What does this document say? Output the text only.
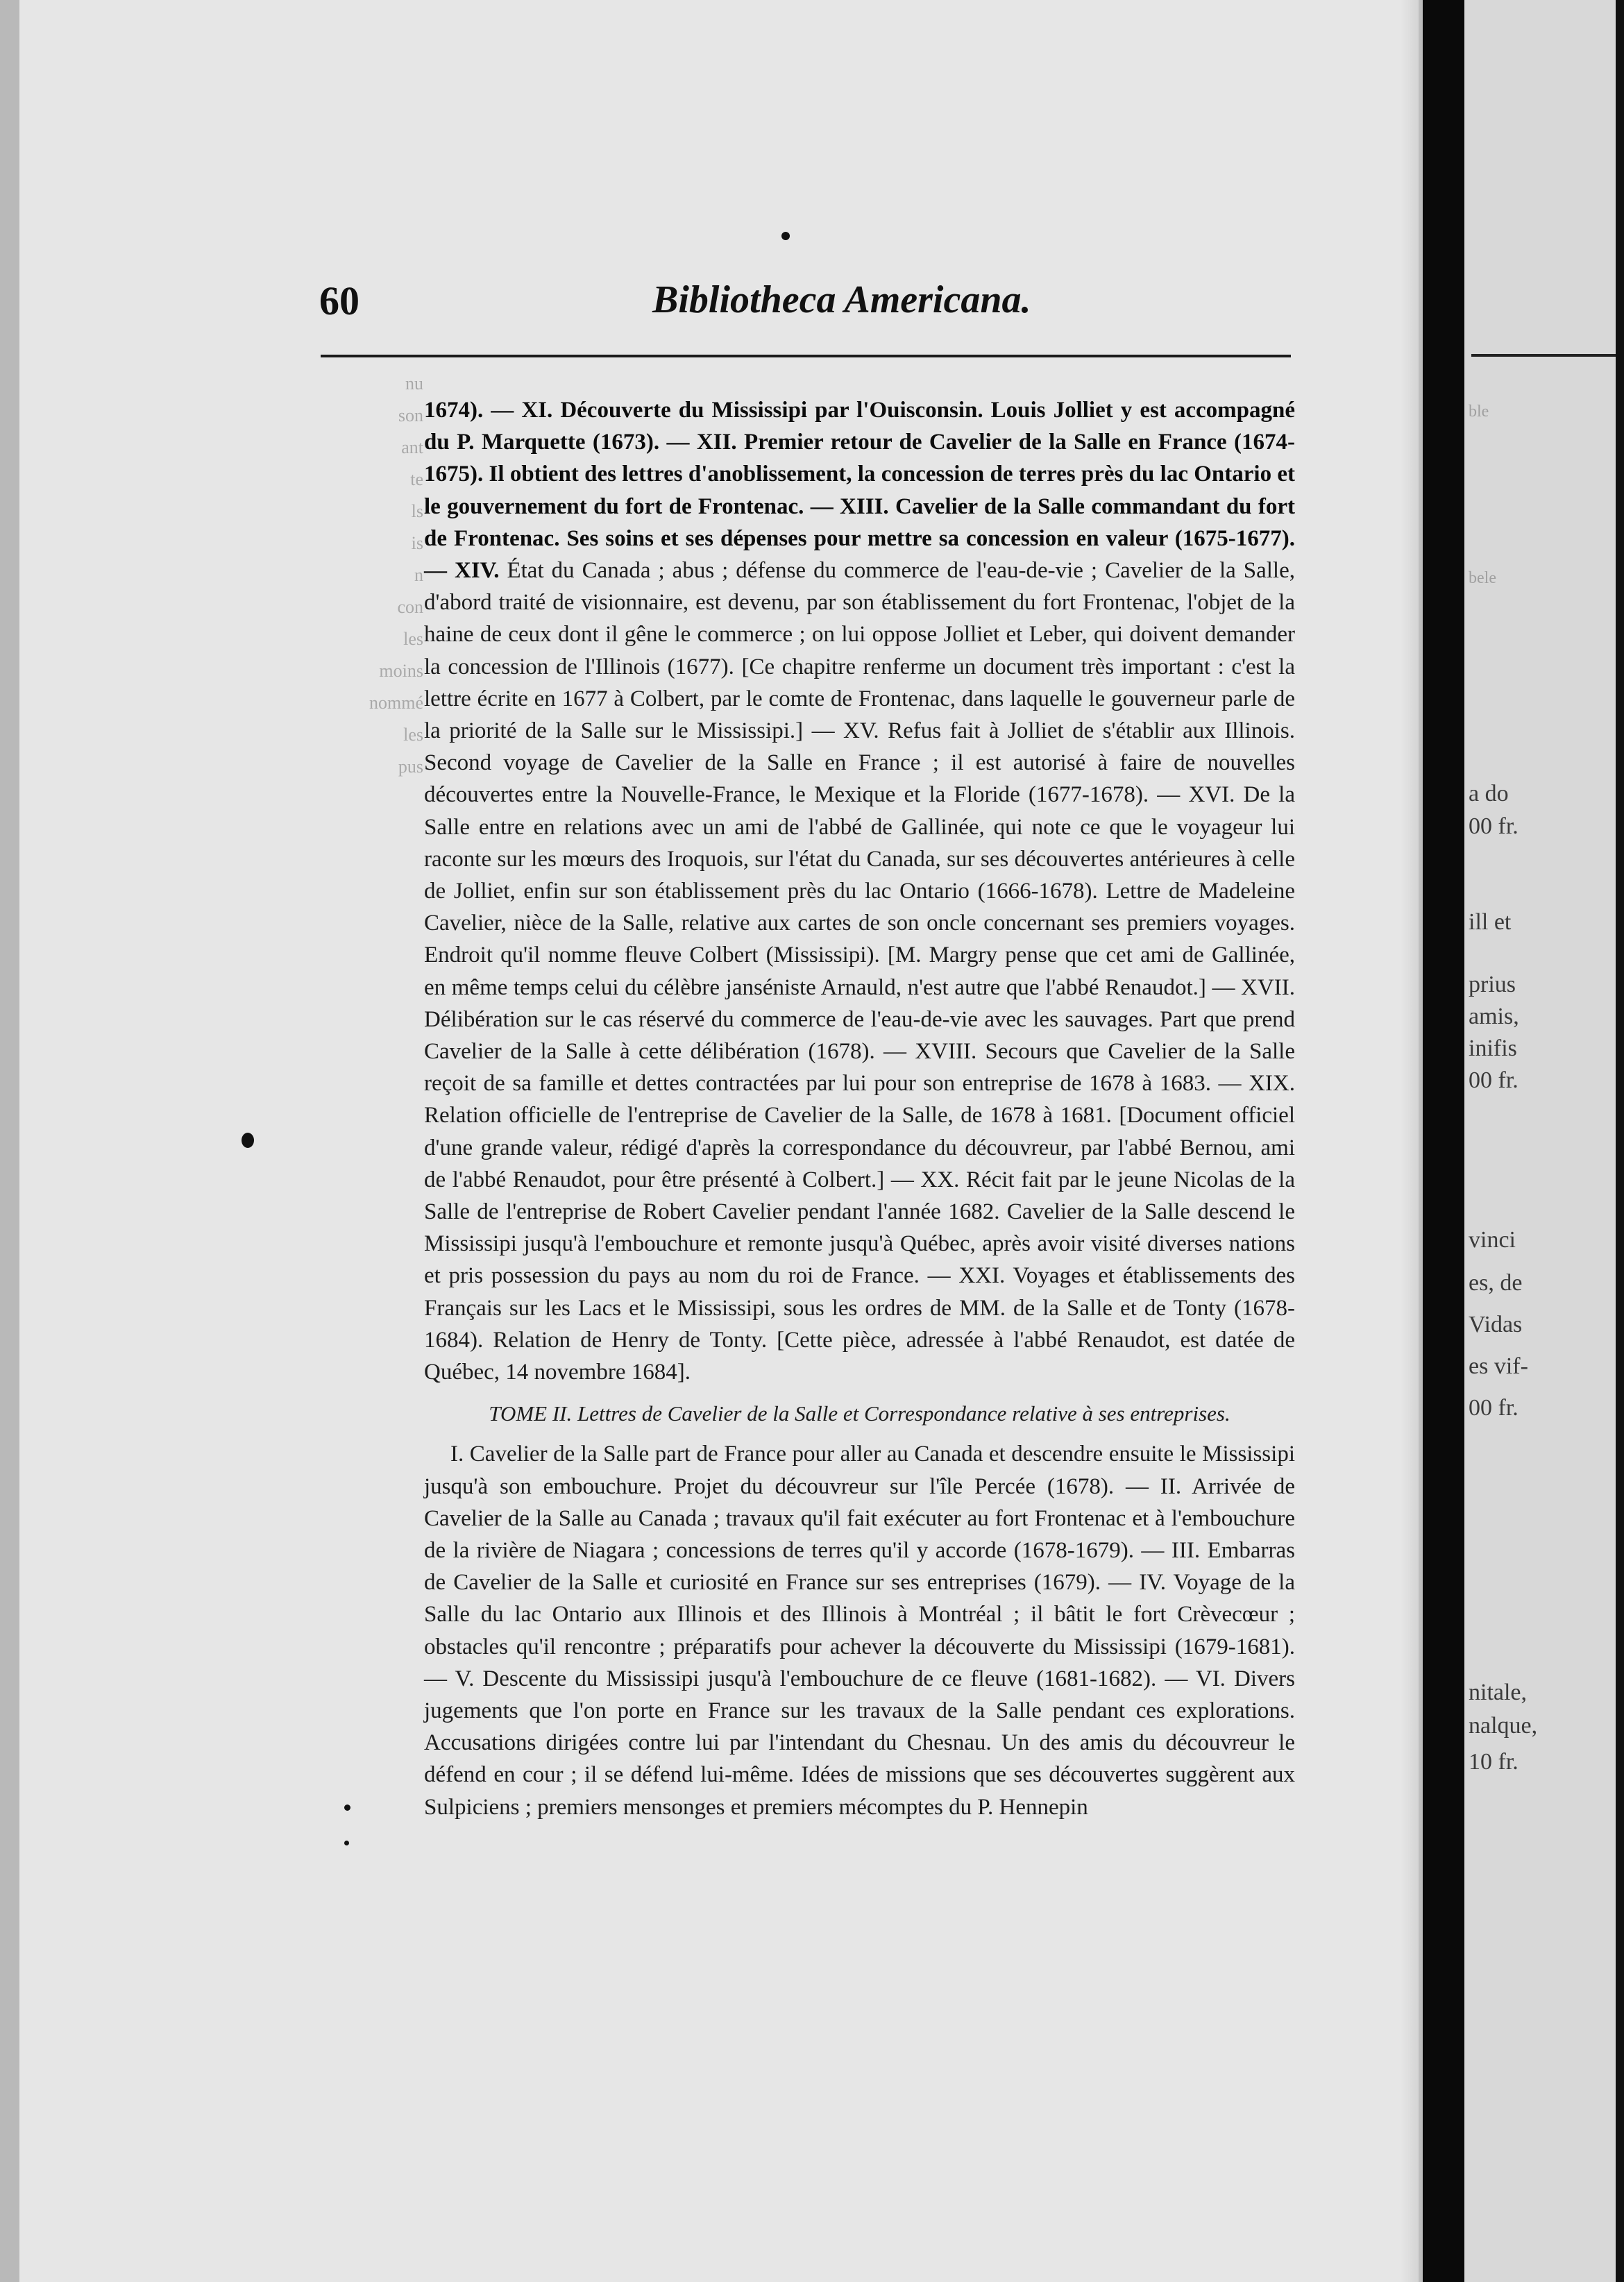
nu
son
ant
te
ls
is
n
con
les
moins
nommé
les
pus
60	Bibliotheca Americana.

1674). — XI. Découverte du Mississipi par l'Ouisconsin. Louis Jolliet y est accompagné du P. Marquette (1673). — XII. Premier retour de Cavelier de la Salle en France (1674-1675). Il obtient des lettres d'anoblissement, la concession de terres près du lac Ontario et le gouvernement du fort de Frontenac. — XIII. Cavelier de la Salle commandant du fort de Frontenac. Ses soins et ses dépenses pour mettre sa concession en valeur (1675-1677). — XIV. État du Canada ; abus ; défense du commerce de l'eau-de-vie ; Cavelier de la Salle, d'abord traité de visionnaire, est devenu, par son établissement du fort Frontenac, l'objet de la haine de ceux dont il gêne le commerce ; on lui oppose Jolliet et Leber, qui doivent demander la concession de l'Illinois (1677). [Ce chapitre renferme un document très important : c'est la lettre écrite en 1677 à Colbert, par le comte de Frontenac, dans laquelle le gouverneur parle de la priorité de la Salle sur le Mississipi.] — XV. Refus fait à Jolliet de s'établir aux Illinois. Second voyage de Cavelier de la Salle en France ; il est autorisé à faire de nouvelles découvertes entre la Nouvelle-France, le Mexique et la Floride (1677-1678). — XVI. De la Salle entre en relations avec un ami de l'abbé de Gallinée, qui note ce que le voyageur lui raconte sur les mœurs des Iroquois, sur l'état du Canada, sur ses découvertes antérieures à celle de Jolliet, enfin sur son établissement près du lac Ontario (1666-1678). Lettre de Madeleine Cavelier, nièce de la Salle, relative aux cartes de son oncle concernant ses premiers voyages. Endroit qu'il nomme fleuve Colbert (Mississipi). [M. Margry pense que cet ami de Gallinée, en même temps celui du célèbre janséniste Arnauld, n'est autre que l'abbé Renaudot.] — XVII. Délibération sur le cas réservé du commerce de l'eau-de-vie avec les sauvages. Part que prend Cavelier de la Salle à cette délibération (1678). — XVIII. Secours que Cavelier de la Salle reçoit de sa famille et dettes contractées par lui pour son entreprise de 1678 à 1683. — XIX. Relation officielle de l'entreprise de Cavelier de la Salle, de 1678 à 1681. [Document officiel d'une grande valeur, rédigé d'après la correspondance du découvreur, par l'abbé Bernou, ami de l'abbé Renaudot, pour être présenté à Colbert.] — XX. Récit fait par le jeune Nicolas de la Salle de l'entreprise de Robert Cavelier pendant l'année 1682. Cavelier de la Salle descend le Mississipi jusqu'à l'embouchure et remonte jusqu'à Québec, après avoir visité diverses nations et pris possession du pays au nom du roi de France. — XXI. Voyages et établissements des Français sur les Lacs et le Mississipi, sous les ordres de MM. de la Salle et de Tonty (1678-1684). Relation de Henry de Tonty. [Cette pièce, adressée à l'abbé Renaudot, est datée de Québec, 14 novembre 1684].

TOME II. Lettres de Cavelier de la Salle et Correspondance relative à ses entreprises.

I. Cavelier de la Salle part de France pour aller au Canada et descendre ensuite le Mississipi jusqu'à son embouchure. Projet du découvreur sur l'île Percée (1678). — II. Arrivée de Cavelier de la Salle au Canada ; travaux qu'il fait exécuter au fort Frontenac et à l'embouchure de la rivière de Niagara ; concessions de terres qu'il y accorde (1678-1679). — III. Embarras de Cavelier de la Salle et curiosité en France sur ses entreprises (1679). — IV. Voyage de la Salle du lac Ontario aux Illinois et des Illinois à Montréal ; il bâtit le fort Crèvecœur ; obstacles qu'il rencontre ; préparatifs pour achever la découverte du Mississipi (1679-1681). — V. Descente du Mississipi jusqu'à l'embouchure de ce fleuve (1681-1682). — VI. Divers jugements que l'on porte en France sur les travaux de la Salle pendant ces explorations. Accusations dirigées contre lui par l'intendant du Chesnau. Un des amis du découvreur le défend en cour ; il se défend lui-même. Idées de missions que ses découvertes suggèrent aux Sulpiciens ; premiers mensonges et premiers mécomptes du P. Hennepin

ble
bele
a do
00 fr.
ill et
prius
amis,
inifis
00 fr.
vinci
es, de
Vidas
es vif-
00 fr.
nitale,
nalque,
10 fr.
